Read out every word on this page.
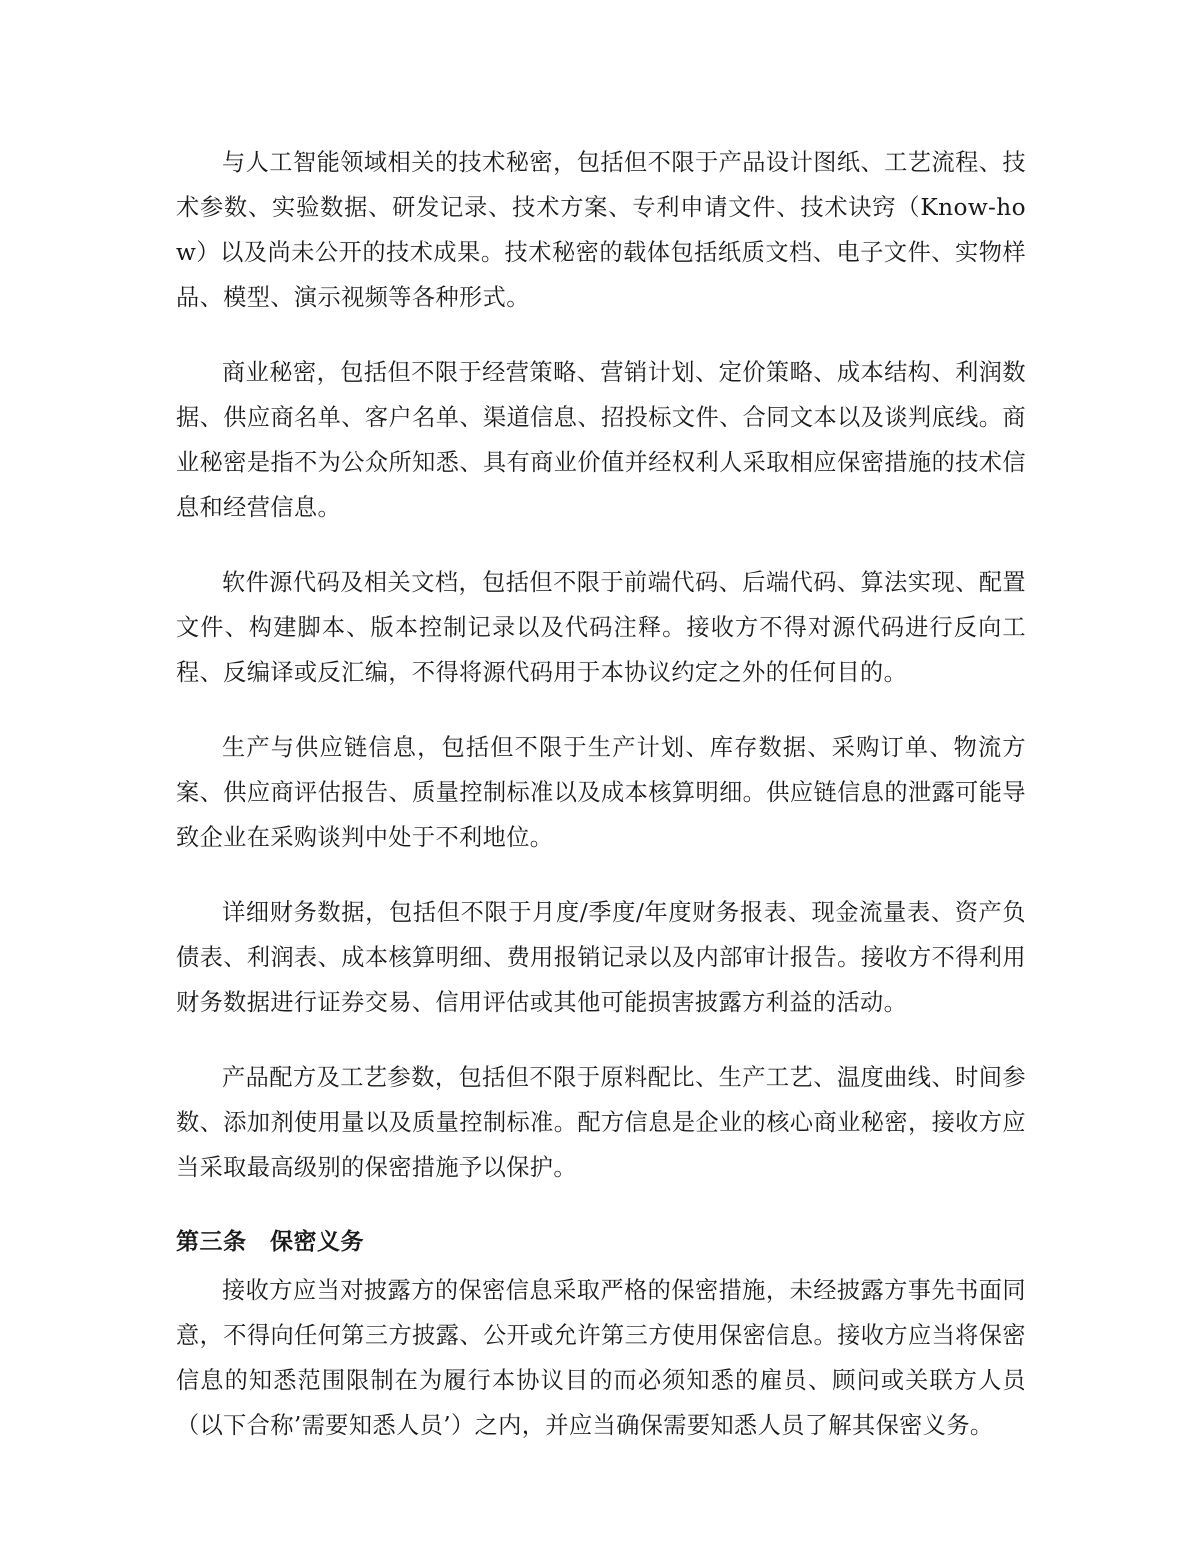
与人工智能领域相关的技术秘密，包括但不限于产品设计图纸、工艺流程、技术参数、实验数据、研发记录、技术方案、专利申请文件、技术诀窍（Know-how）以及尚未公开的技术成果。技术秘密的载体包括纸质文档、电子文件、实物样品、模型、演示视频等各种形式。

商业秘密，包括但不限于经营策略、营销计划、定价策略、成本结构、利润数据、供应商名单、客户名单、渠道信息、招投标文件、合同文本以及谈判底线。商业秘密是指不为公众所知悉、具有商业价值并经权利人采取相应保密措施的技术信息和经营信息。

软件源代码及相关文档，包括但不限于前端代码、后端代码、算法实现、配置文件、构建脚本、版本控制记录以及代码注释。接收方不得对源代码进行反向工程、反编译或反汇编，不得将源代码用于本协议约定之外的任何目的。

生产与供应链信息，包括但不限于生产计划、库存数据、采购订单、物流方案、供应商评估报告、质量控制标准以及成本核算明细。供应链信息的泄露可能导致企业在采购谈判中处于不利地位。

详细财务数据，包括但不限于月度/季度/年度财务报表、现金流量表、资产负债表、利润表、成本核算明细、费用报销记录以及内部审计报告。接收方不得利用财务数据进行证券交易、信用评估或其他可能损害披露方利益的活动。

产品配方及工艺参数，包括但不限于原料配比、生产工艺、温度曲线、时间参数、添加剂使用量以及质量控制标准。配方信息是企业的核心商业秘密，接收方应当采取最高级别的保密措施予以保护。

第三条　保密义务

接收方应当对披露方的保密信息采取严格的保密措施，未经披露方事先书面同意，不得向任何第三方披露、公开或允许第三方使用保密信息。接收方应当将保密信息的知悉范围限制在为履行本协议目的而必须知悉的雇员、顾问或关联方人员（以下合称’需要知悉人员’）之内，并应当确保需要知悉人员了解其保密义务。
